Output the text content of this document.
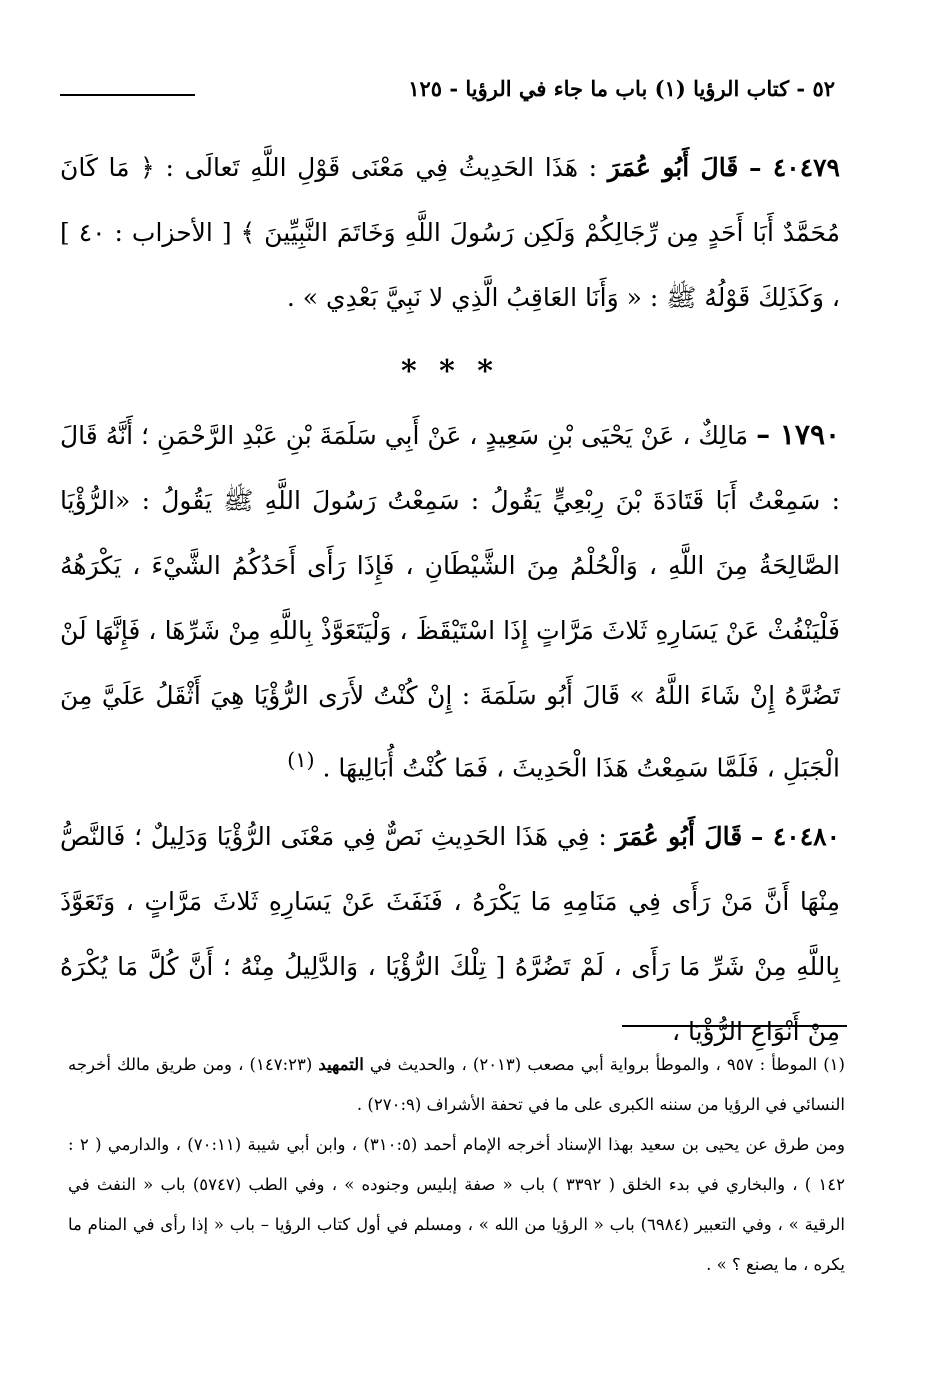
٥٢ - كتاب الرؤيا (١) باب ما جاء في الرؤيا - ١٢٥

٤٠٤٧٩ – قَالَ أَبُو عُمَرَ : هَذَا الحَدِيثُ فِي مَعْنَى قَوْلِ اللَّهِ تَعالَى : ﴿ مَا كَانَ مُحَمَّدٌ أَبَا أَحَدٍ مِن رِّجَالِكُمْ وَلَكِن رَسُولَ اللَّهِ وَخَاتَمَ النَّبِيِّينَ ﴾ [ الأحزاب : ٤٠ ] ، وَكَذَلِكَ قَوْلُهُ ﷺ : « وَأَنَا العَاقِبُ الَّذِي لا نَبِيَّ بَعْدِي » .

* * *

١٧٩٠ – مَالِكٌ ، عَنْ يَحْيَى بْنِ سَعِيدٍ ، عَنْ أَبِي سَلَمَةَ بْنِ عَبْدِ الرَّحْمَنِ ؛ أَنَّهُ قَالَ : سَمِعْتُ أَبَا قَتَادَةَ بْنَ رِبْعِيٍّ يَقُولُ : سَمِعْتُ رَسُولَ اللَّهِ ﷺ يَقُولُ : «الرُّؤْيَا الصَّالِحَةُ مِنَ اللَّهِ ، وَالْحُلْمُ مِنَ الشَّيْطَانِ ، فَإِذَا رَأَى أَحَدُكُمُ الشَّيْءَ ، يَكْرَهُهُ فَلْيَنْفُثْ عَنْ يَسَارِهِ ثَلاثَ مَرَّاتٍ إِذَا اسْتَيْقَظَ ، وَلْيَتَعَوَّذْ بِاللَّهِ مِنْ شَرِّهَا ، فَإِنَّهَا لَنْ تَضُرَّهُ إِنْ شَاءَ اللَّهُ » قَالَ أَبُو سَلَمَةَ : إِنْ كُنْتُ لأَرَى الرُّؤْيَا هِيَ أَثْقَلُ عَلَيَّ مِنَ الْجَبَلِ ، فَلَمَّا سَمِعْتُ هَذَا الْحَدِيثَ ، فَمَا كُنْتُ أُبَالِيهَا . $^{(١)}$

٤٠٤٨٠ – قَالَ أَبُو عُمَرَ : فِي هَذَا الحَدِيثِ نَصٌّ فِي مَعْنَى الرُّؤْيَا وَدَلِيلٌ ؛ فَالنَّصُّ مِنْهَا أَنَّ مَنْ رَأَى فِي مَنَامِهِ مَا يَكْرَهُ ، فَنَفَثَ عَنْ يَسَارِهِ ثَلاثَ مَرَّاتٍ ، وَتَعَوَّذَ بِاللَّهِ مِنْ شَرِّ مَا رَأَى ، لَمْ تَضُرَّهُ [ تِلْكَ الرُّؤْيَا ، وَالدَّلِيلُ مِنْهُ ؛ أَنَّ كُلَّ مَا يُكْرَهُ مِنْ أَنْوَاعِ الرُّؤْيَا ،

(١) الموطأ : ٩٥٧ ، والموطأ برواية أبي مصعب (٢٠١٣) ، والحديث في التمهيد (١٤٧:٢٣) ، ومن طريق مالك أخرجه النسائي في الرؤيا من سننه الكبرى على ما في تحفة الأشراف (٢٧٠:٩) .

ومن طرق عن يحيى بن سعيد بهذا الإسناد أخرجه الإمام أحمد (٣١٠:٥) ، وابن أبي شيبة (٧٠:١١) ، والدارمي ( ٢ : ١٤٢ ) ، والبخاري في بدء الخلق ( ٣٣٩٢ ) باب « صفة إبليس وجنوده » ، وفي الطب (٥٧٤٧) باب « النفث في الرقية » ، وفي التعبير (٦٩٨٤) باب « الرؤيا من الله » ، ومسلم في أول كتاب الرؤيا – باب « إذا رأى في المنام ما يكره ، ما يصنع ؟ » .
